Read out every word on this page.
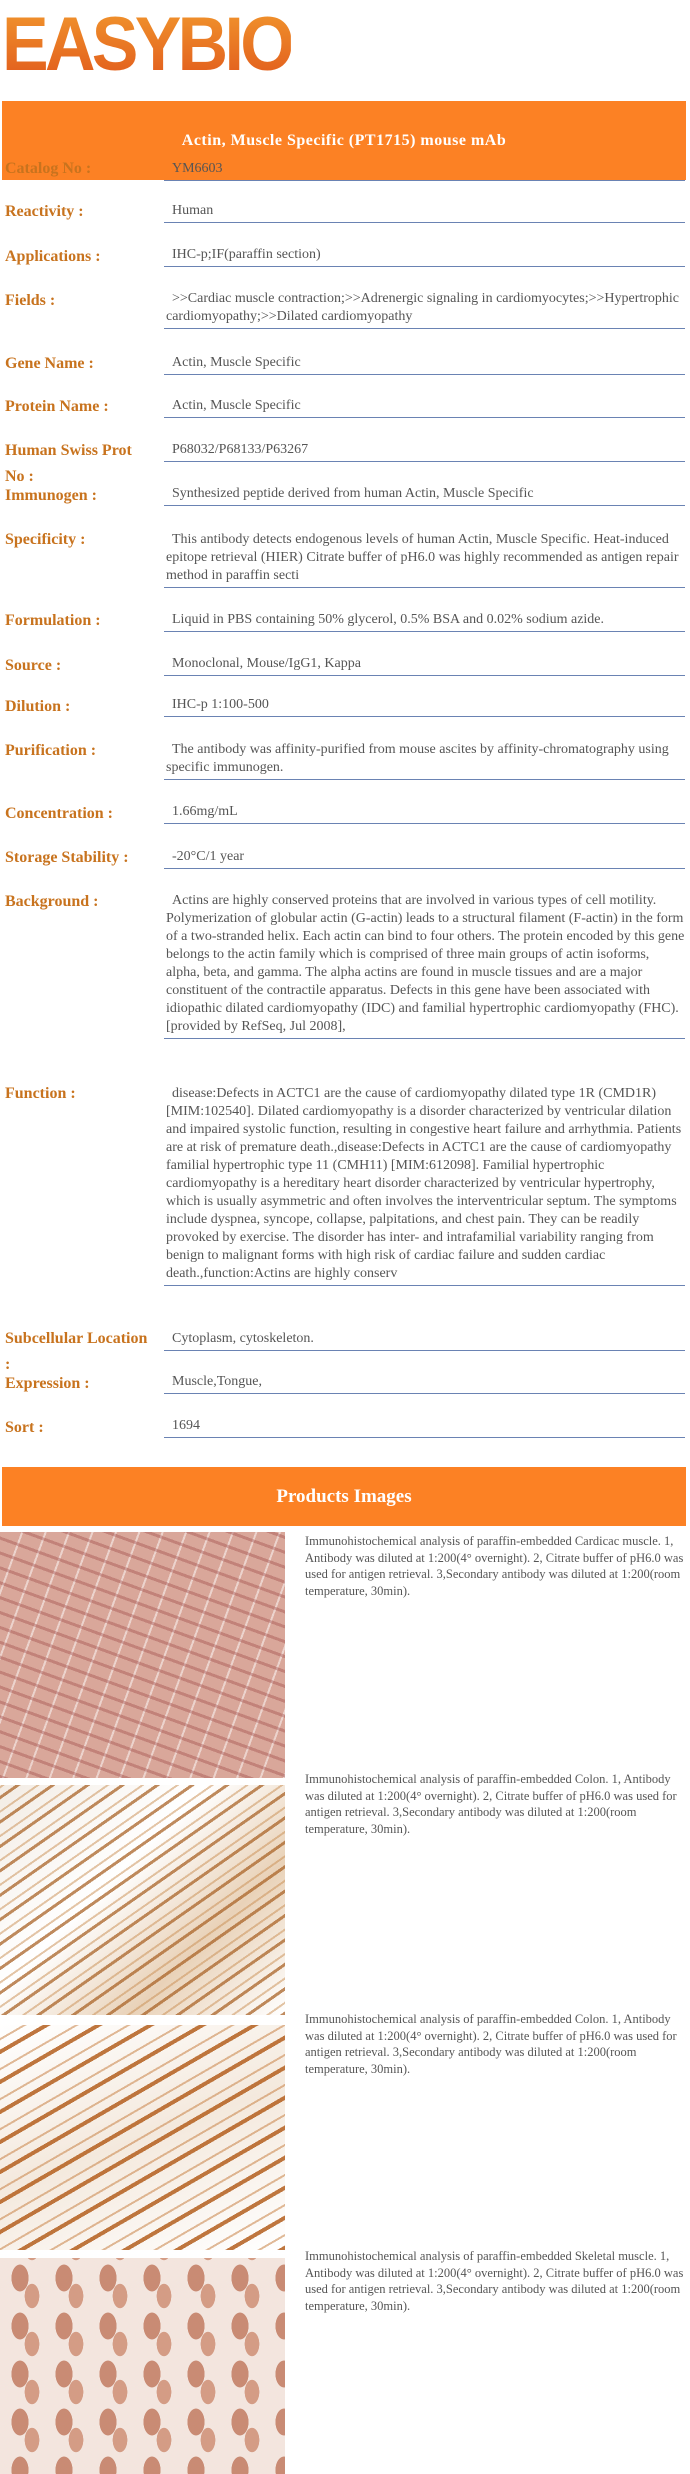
EASYBIO
Actin, Muscle Specific (PT1715) mouse mAb
Catalog No :	YM6603
Reactivity :	Human
Applications :	IHC-p;IF(paraffin section)
Fields :	>>Cardiac muscle contraction;>>Adrenergic signaling in cardiomyocytes;>>Hypertrophic cardiomyopathy;>>Dilated cardiomyopathy
Gene Name :	Actin, Muscle Specific
Protein Name :	Actin, Muscle Specific
Human Swiss Prot No :
P68032/P68133/P63267
Immunogen :	Synthesized peptide derived from human Actin, Muscle Specific
Specificity :	This antibody detects endogenous levels of human Actin, Muscle Specific. Heat-induced epitope retrieval (HIER) Citrate buffer of pH6.0 was highly recommended as antigen repair method in paraffin secti
Formulation :	Liquid in PBS containing 50% glycerol, 0.5% BSA and 0.02% sodium azide.
Source :	Monoclonal, Mouse/IgG1, Kappa
Dilution :	IHC-p 1:100-500
Purification :	The antibody was affinity-purified from mouse ascites by affinity-chromatography using specific immunogen.
Concentration :	1.66mg/mL
Storage Stability :	-20°C/1 year
Background :	Actins are highly conserved proteins that are involved in various types of cell motility. Polymerization of globular actin (G-actin) leads to a structural filament (F-actin) in the form of a two-stranded helix. Each actin can bind to four others. The protein encoded by this gene belongs to the actin family which is comprised of three main groups of actin isoforms, alpha, beta, and gamma. The alpha actins are found in muscle tissues and are a major constituent of the contractile apparatus. Defects in this gene have been associated with idiopathic dilated cardiomyopathy (IDC) and familial hypertrophic cardiomyopathy (FHC). [provided by RefSeq, Jul 2008],
Function :	disease:Defects in ACTC1 are the cause of cardiomyopathy dilated type 1R (CMD1R) [MIM:102540]. Dilated cardiomyopathy is a disorder characterized by ventricular dilation and impaired systolic function, resulting in congestive heart failure and arrhythmia. Patients are at risk of premature death.,disease:Defects in ACTC1 are the cause of cardiomyopathy familial hypertrophic type 11 (CMH11) [MIM:612098]. Familial hypertrophic cardiomyopathy is a hereditary heart disorder characterized by ventricular hypertrophy, which is usually asymmetric and often involves the interventricular septum. The symptoms include dyspnea, syncope, collapse, palpitations, and chest pain. They can be readily provoked by exercise. The disorder has inter- and intrafamilial variability ranging from benign to malignant forms with high risk of cardiac failure and sudden cardiac death.,function:Actins are highly conserv
Subcellular Location :
Cytoplasm, cytoskeleton.
Expression :	Muscle,Tongue,
Sort :	1694
Products Images
Immunohistochemical analysis of paraffin-embedded Cardicac muscle. 1, Antibody was diluted at 1:200(4° overnight). 2, Citrate buffer of pH6.0 was used for antigen retrieval. 3,Secondary antibody was diluted at 1:200(room temperature, 30min).
Immunohistochemical analysis of paraffin-embedded Colon. 1, Antibody was diluted at 1:200(4° overnight). 2, Citrate buffer of pH6.0 was used for antigen retrieval. 3,Secondary antibody was diluted at 1:200(room temperature, 30min).
Immunohistochemical analysis of paraffin-embedded Colon. 1, Antibody was diluted at 1:200(4° overnight). 2, Citrate buffer of pH6.0 was used for antigen retrieval. 3,Secondary antibody was diluted at 1:200(room temperature, 30min).
Immunohistochemical analysis of paraffin-embedded Skeletal muscle. 1, Antibody was diluted at 1:200(4° overnight). 2, Citrate buffer of pH6.0 was used for antigen retrieval. 3,Secondary antibody was diluted at 1:200(room temperature, 30min).
